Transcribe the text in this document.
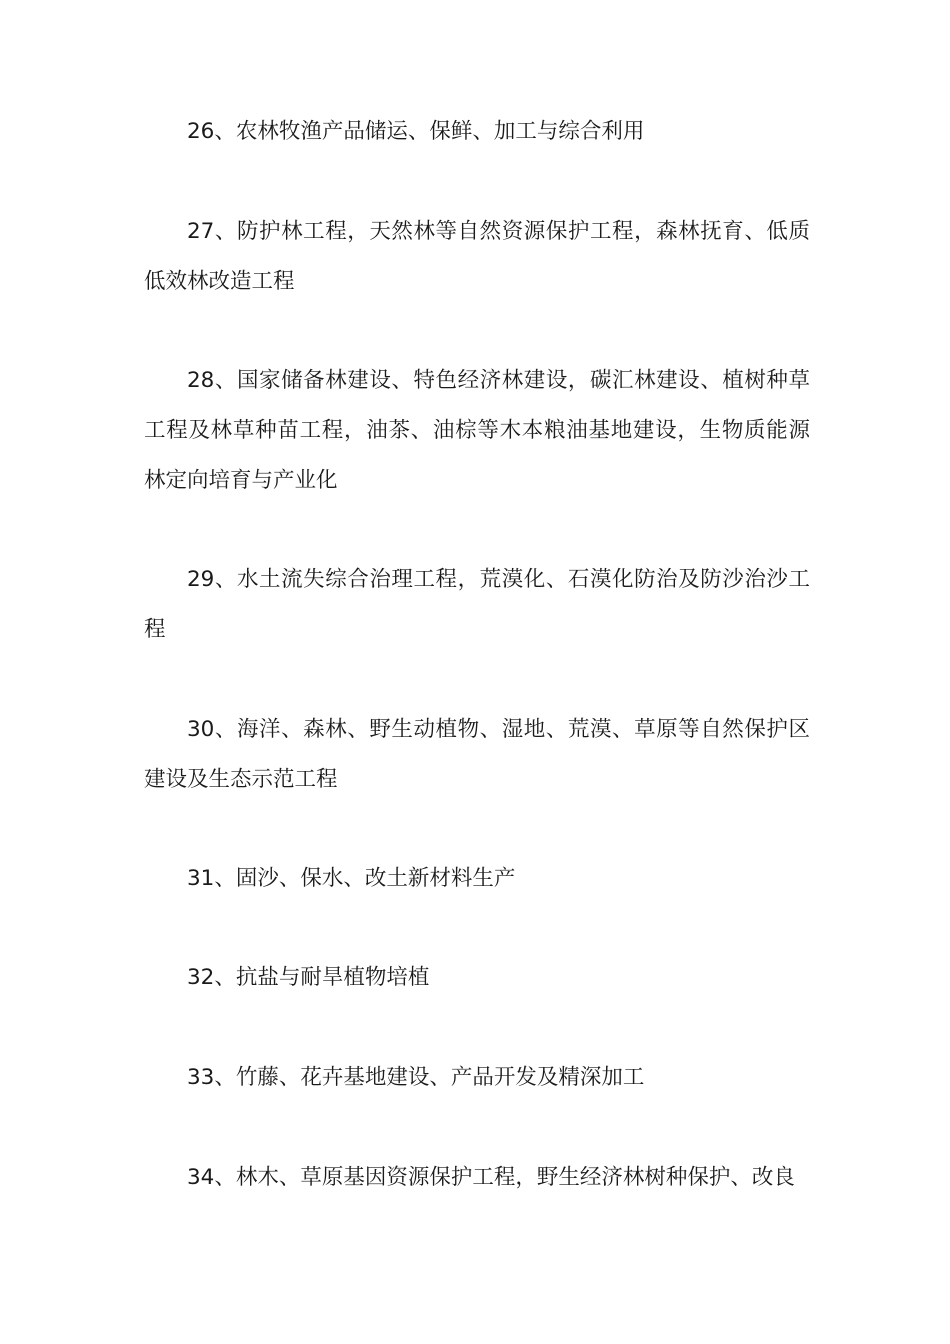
26、农林牧渔产品储运、保鲜、加工与综合利用

27、防护林工程，天然林等自然资源保护工程，森林抚育、低质低效林改造工程

28、国家储备林建设、特色经济林建设，碳汇林建设、植树种草工程及林草种苗工程，油茶、油棕等木本粮油基地建设，生物质能源林定向培育与产业化

29、水土流失综合治理工程，荒漠化、石漠化防治及防沙治沙工程

30、海洋、森林、野生动植物、湿地、荒漠、草原等自然保护区建设及生态示范工程

31、固沙、保水、改土新材料生产

32、抗盐与耐旱植物培植

33、竹藤、花卉基地建设、产品开发及精深加工

34、林木、草原基因资源保护工程，野生经济林树种保护、改良
